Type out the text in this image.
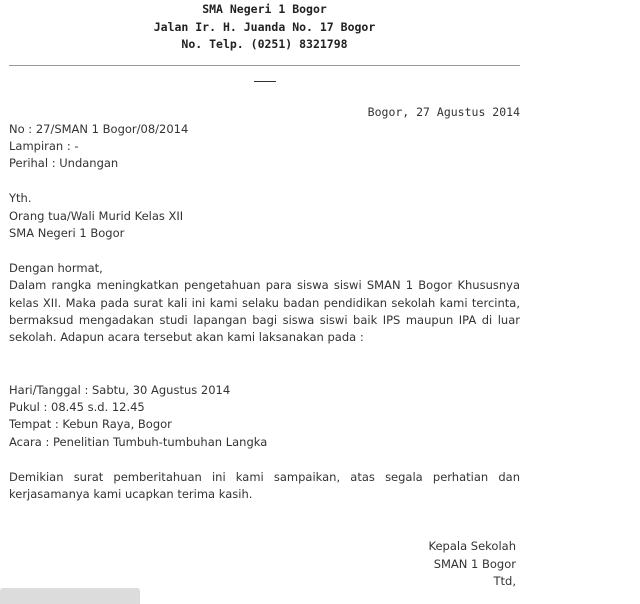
SMA Negeri 1 Bogor
Jalan Ir. H. Juanda No. 17 Bogor
No. Telp. (0251) 8321798
Bogor, 27 Agustus 2014
No : 27/SMAN 1 Bogor/08/2014
Lampiran : -
Perihal : Undangan
Yth.
Orang tua/Wali Murid Kelas XII
SMA Negeri 1 Bogor
Dengan hormat,
Dalam rangka meningkatkan pengetahuan para siswa siswi SMAN 1 Bogor Khususnya kelas XII. Maka pada surat kali ini kami selaku badan pendidikan sekolah kami tercinta, bermaksud mengadakan studi lapangan bagi siswa siswi baik IPS maupun IPA di luar sekolah. Adapun acara tersebut akan kami laksanakan pada :
Hari/Tanggal : Sabtu, 30 Agustus 2014
Pukul : 08.45 s.d. 12.45
Tempat : Kebun Raya, Bogor
Acara : Penelitian Tumbuh-tumbuhan Langka
Demikian surat pemberitahuan ini kami sampaikan, atas segala perhatian dan kerjasamanya kami ucapkan terima kasih.
Kepala Sekolah
SMAN 1 Bogor
Ttd,
